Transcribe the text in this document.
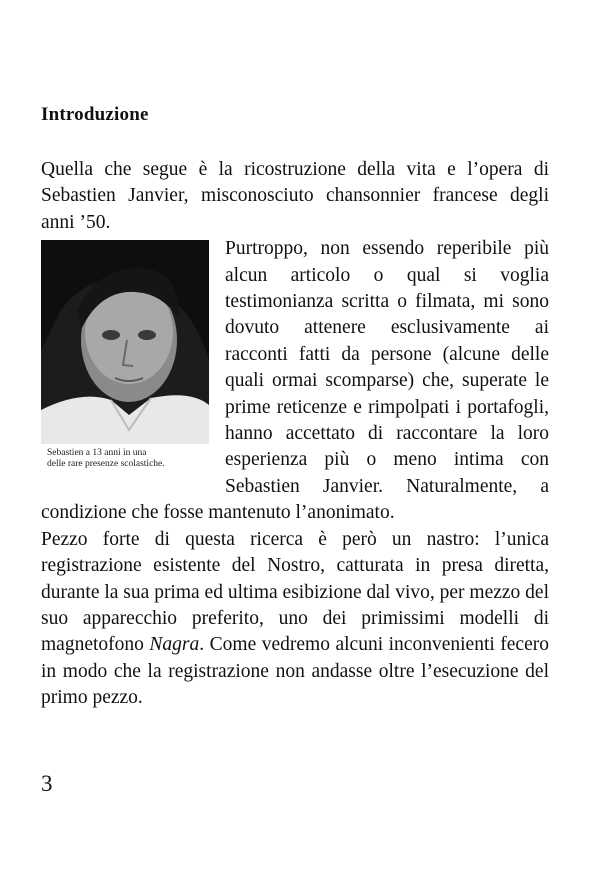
Introduzione

Quella che segue è la ricostruzione della vita e l’opera di Sebastien Janvier, misconosciuto chansonnier francese degli anni ’50.

Sebastien a 13 anni in una
delle rare presenze scolastiche.

Purtroppo, non essendo reperibile più alcun articolo o qual si voglia testimonianza scritta o filmata, mi sono dovuto attenere esclusivamente ai racconti fatti da persone (alcune delle quali ormai scomparse) che, superate le prime reticenze e rimpolpati i portafogli, hanno accettato di raccontare la loro esperienza più o meno intima con Sebastien Janvier. Naturalmente, a condizione che fosse mantenuto l’anonimato.

Pezzo forte di questa ricerca è però un nastro: l’unica registrazione esistente del Nostro, catturata in presa diretta, durante la sua prima ed ultima esibizione dal vivo, per mezzo del suo apparecchio preferito, uno dei primissimi modelli di magnetofono Nagra. Come vedremo alcuni inconvenienti fecero in modo che la registrazione non andasse oltre l’esecuzione del primo pezzo.

3
